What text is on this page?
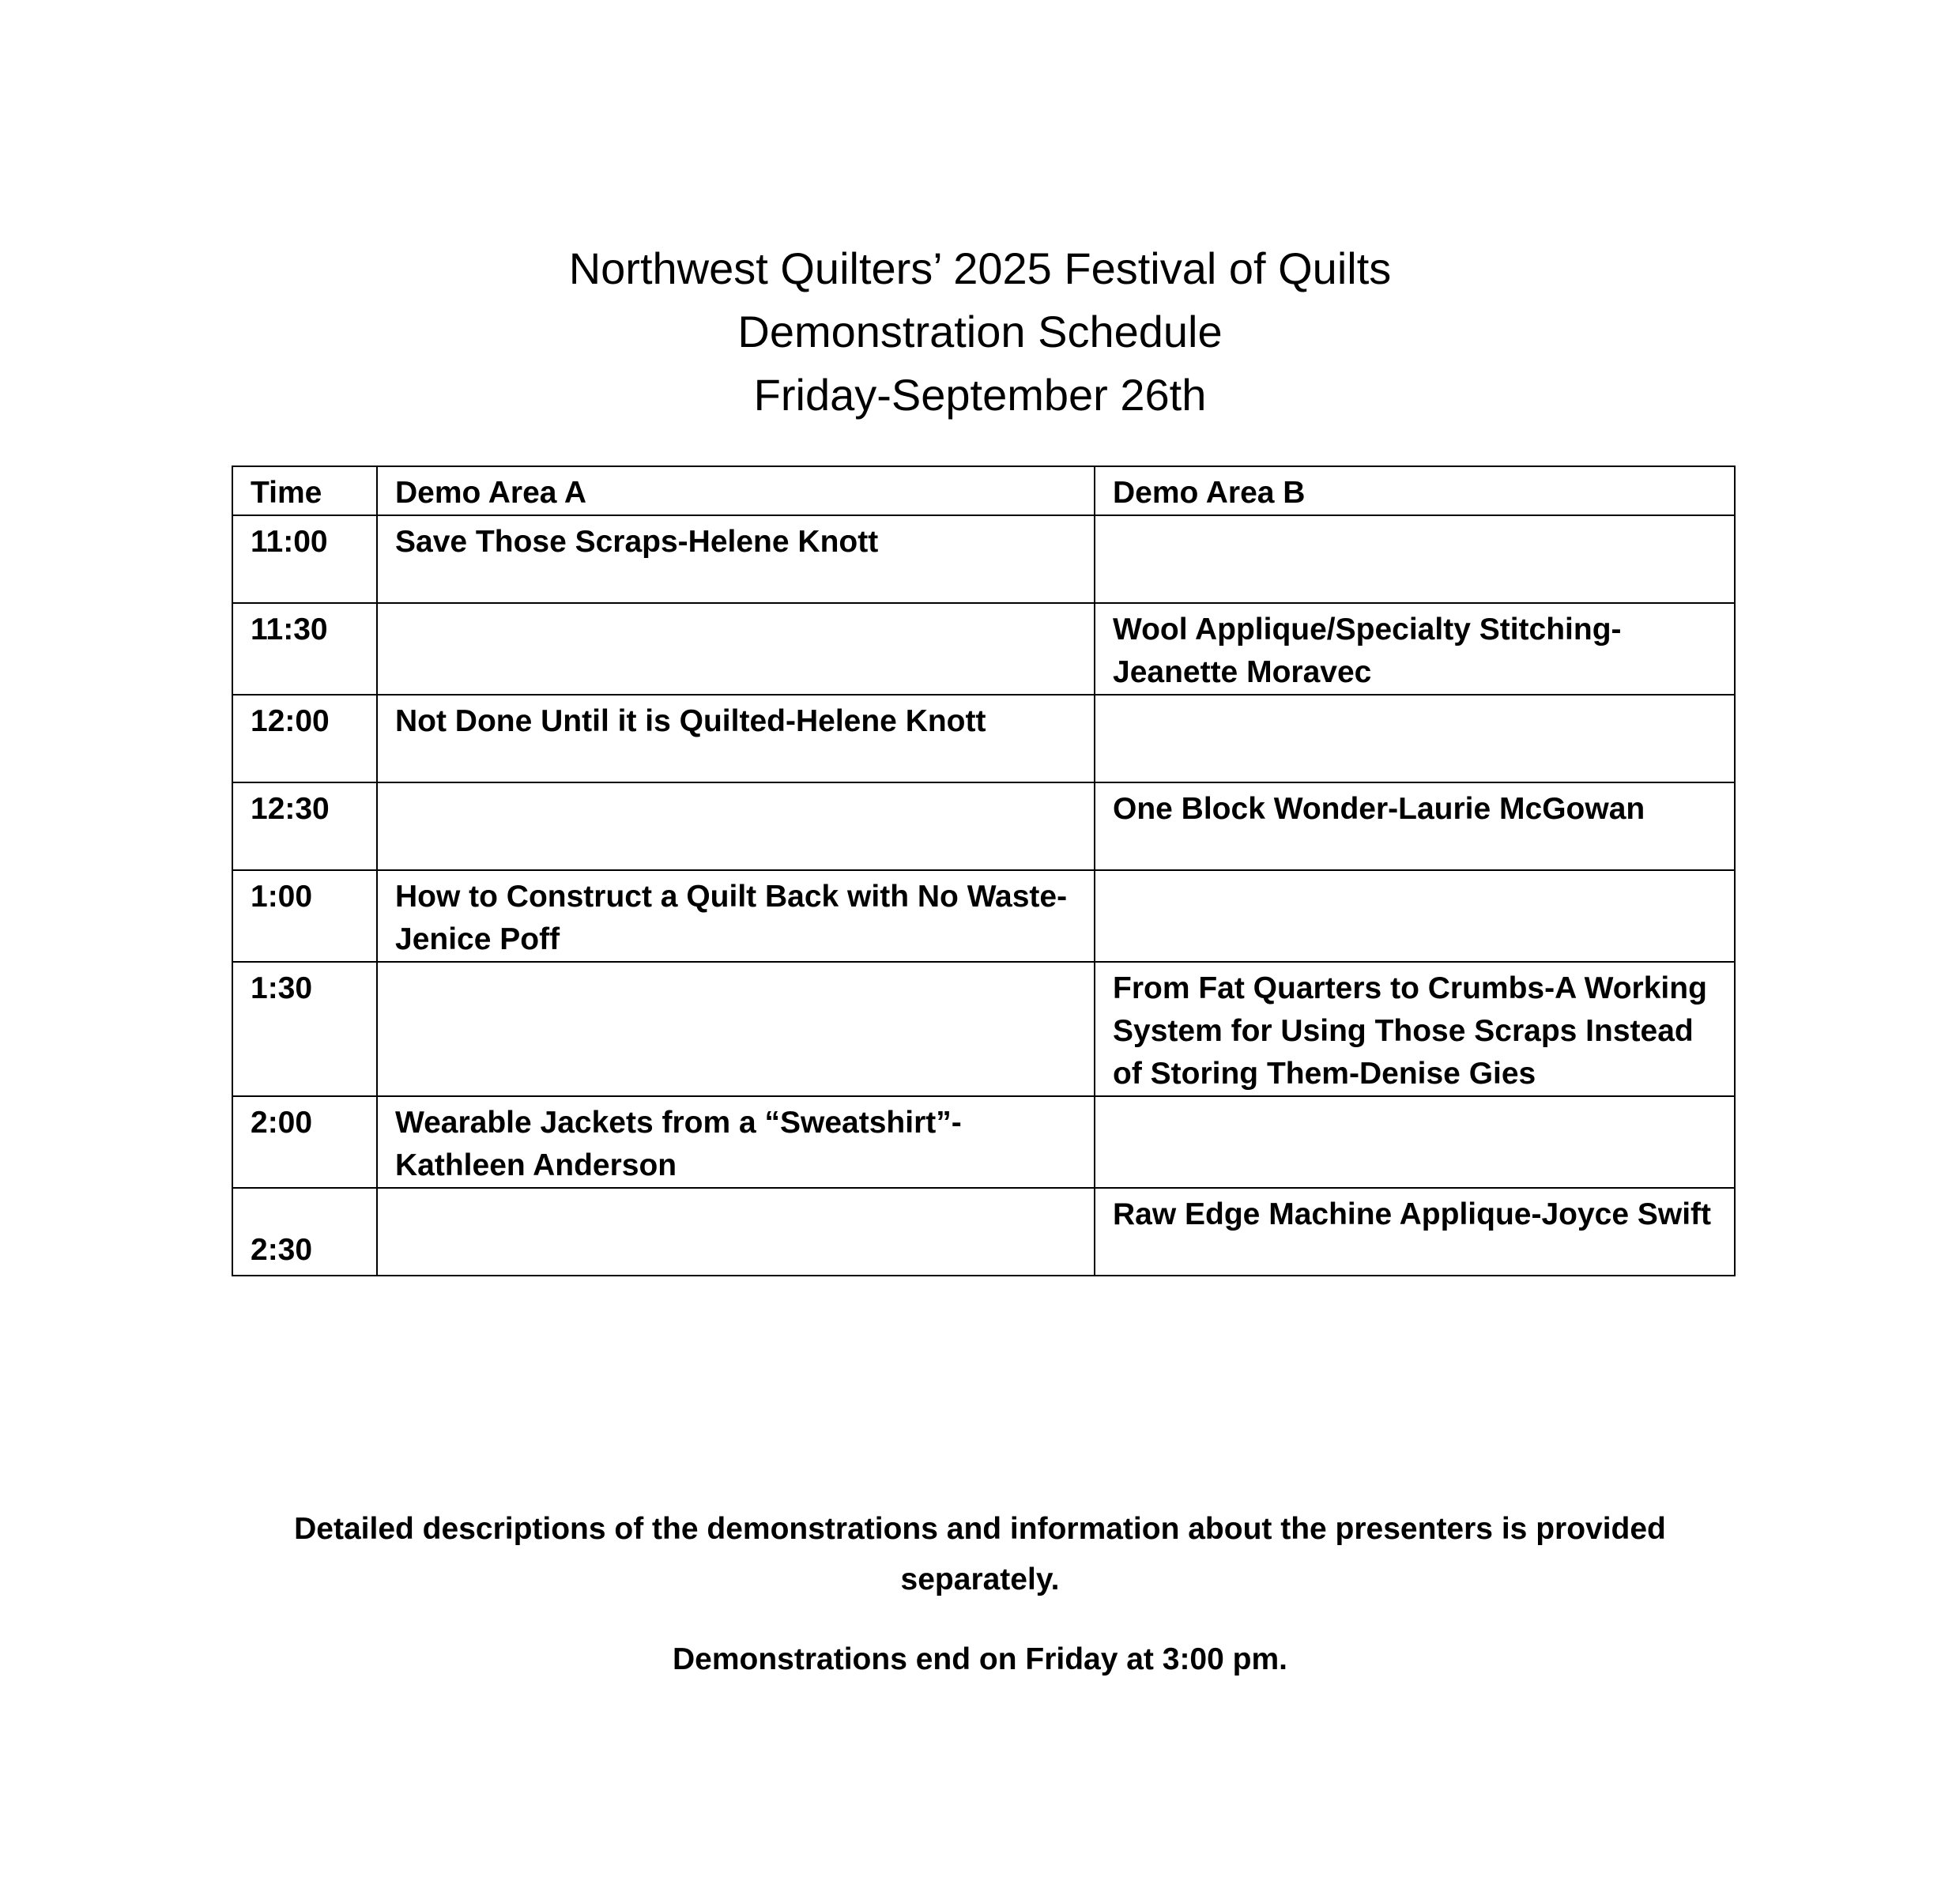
Northwest Quilters’ 2025 Festival of Quilts
Demonstration Schedule
Friday-September 26th
Time	Demo Area A	Demo Area B
11:00	Save Those Scraps-Helene Knott	
11:30		Wool Applique/Specialty Stitching-Jeanette Moravec
12:00	Not Done Until it is Quilted-Helene Knott	
12:30		One Block Wonder-Laurie McGowan
1:00	How to Construct a Quilt Back with No Waste-Jenice Poff	
1:30		From Fat Quarters to Crumbs-A Working System for Using Those Scraps Instead of Storing Them-Denise Gies
2:00	Wearable Jackets from a “Sweatshirt”-Kathleen Anderson	
2:30		Raw Edge Machine Applique-Joyce Swift
Detailed descriptions of the demonstrations and information about the presenters is provided separately.
Demonstrations end on Friday at 3:00 pm.
